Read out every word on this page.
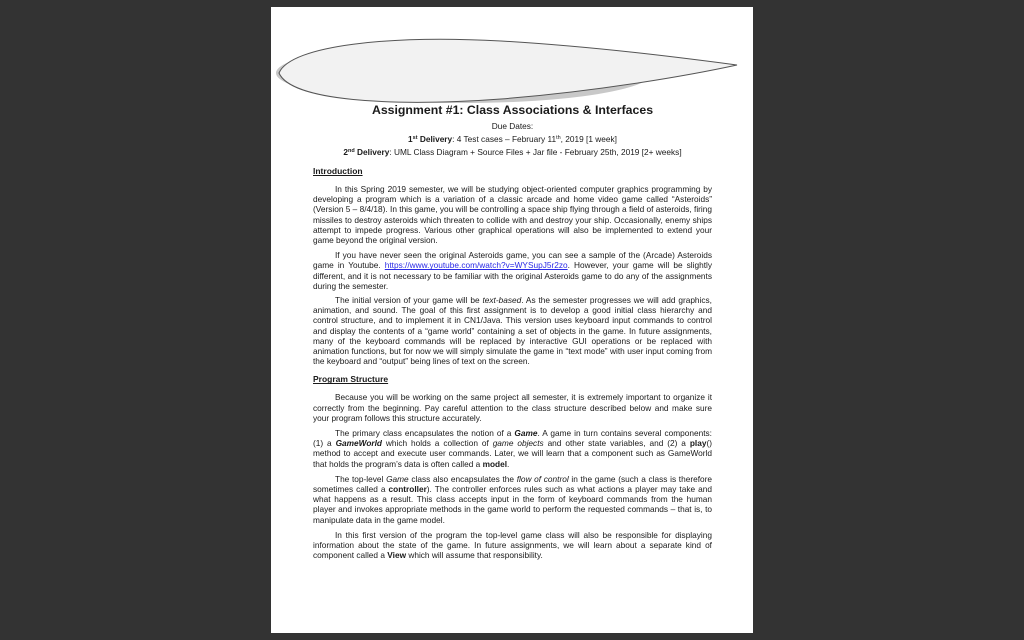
Assignment #1: Class Associations & Interfaces

Due Dates:

1st Delivery: 4 Test cases – February 11th, 2019 [1 week]

2nd Delivery: UML Class Diagram + Source Files + Jar file - February 25th, 2019 [2+ weeks]

Introduction

In this Spring 2019 semester, we will be studying object-oriented computer graphics programming by developing a program which is a variation of a classic arcade and home video game called “Asteroids” (Version 5 – 8/4/18). In this game, you will be controlling a space ship flying through a field of asteroids, firing missiles to destroy asteroids which threaten to collide with and destroy your ship. Occasionally, enemy ships attempt to impede progress. Various other graphical operations will also be implemented to extend your game beyond the original version.

If you have never seen the original Asteroids game, you can see a sample of the (Arcade) Asteroids game in Youtube. https://www.youtube.com/watch?v=WYSupJ5r2zo. However, your game will be slightly different, and it is not necessary to be familiar with the original Asteroids game to do any of the assignments during the semester.

The initial version of your game will be text-based. As the semester progresses we will add graphics, animation, and sound. The goal of this first assignment is to develop a good initial class hierarchy and control structure, and to implement it in CN1/Java. This version uses keyboard input commands to control and display the contents of a “game world” containing a set of objects in the game. In future assignments, many of the keyboard commands will be replaced by interactive GUI operations or be replaced with animation functions, but for now we will simply simulate the game in “text mode” with user input coming from the keyboard and “output” being lines of text on the screen.

Program Structure

Because you will be working on the same project all semester, it is extremely important to organize it correctly from the beginning. Pay careful attention to the class structure described below and make sure your program follows this structure accurately.

The primary class encapsulates the notion of a Game. A game in turn contains several components: (1) a GameWorld which holds a collection of game objects and other state variables, and (2) a play() method to accept and execute user commands. Later, we will learn that a component such as GameWorld that holds the program’s data is often called a model.

The top-level Game class also encapsulates the flow of control in the game (such a class is therefore sometimes called a controller). The controller enforces rules such as what actions a player may take and what happens as a result. This class accepts input in the form of keyboard commands from the human player and invokes appropriate methods in the game world to perform the requested commands – that is, to manipulate data in the game model.

In this first version of the program the top-level game class will also be responsible for displaying information about the state of the game. In future assignments, we will learn about a separate kind of component called a View which will assume that responsibility.
